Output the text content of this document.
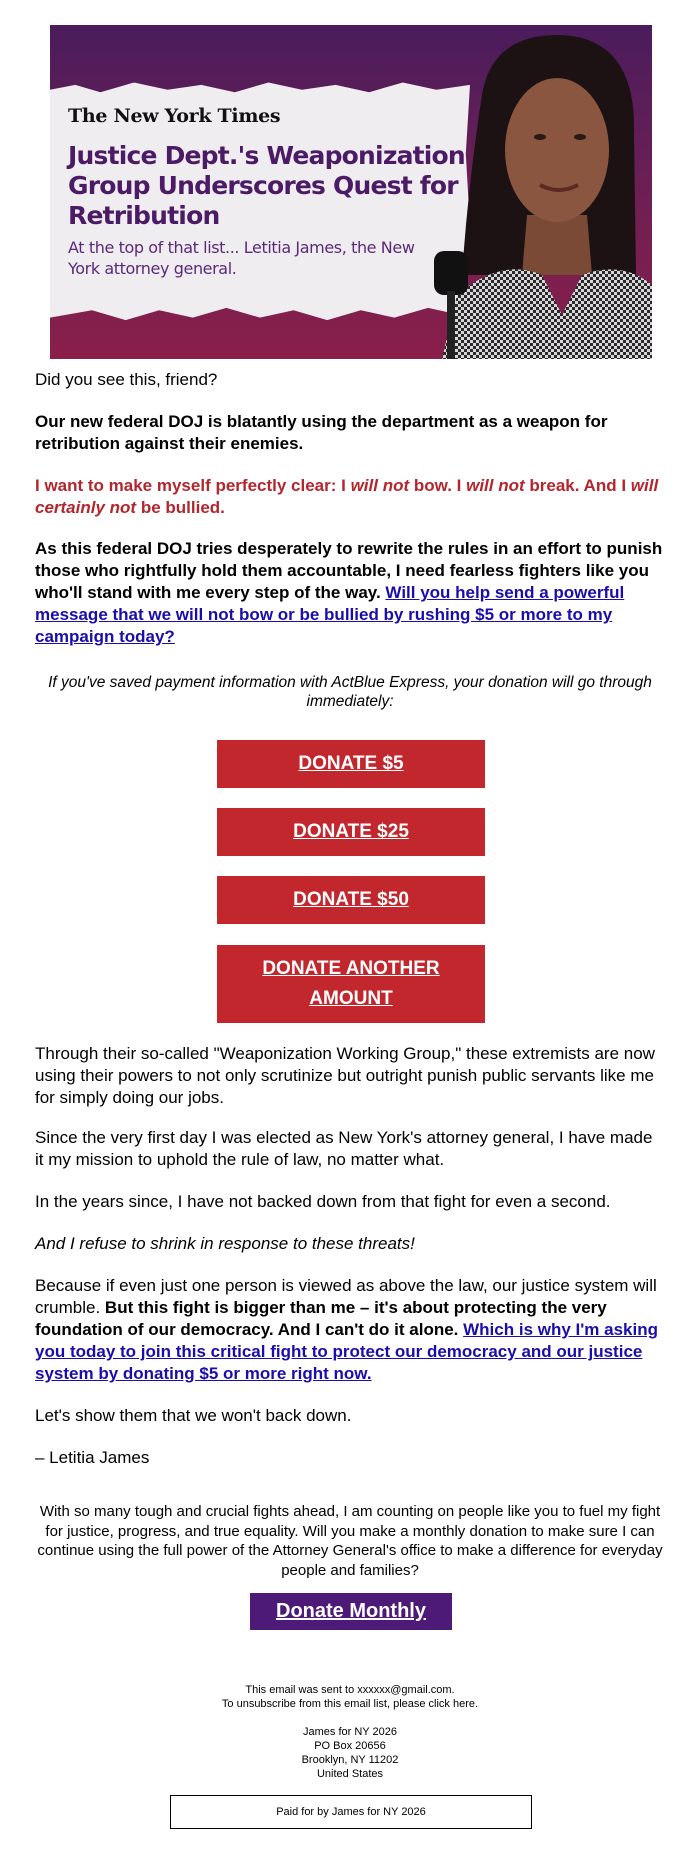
The New York Times
Justice Dept.'s Weaponization Group Underscores Quest for Retribution
At the top of that list... Letitia James, the New York attorney general.
Did you see this, friend?
Our new federal DOJ is blatantly using the department as a weapon for retribution against their enemies.
I want to make myself perfectly clear: I will not bow. I will not break. And I will certainly not be bullied.
As this federal DOJ tries desperately to rewrite the rules in an effort to punish those who rightfully hold them accountable, I need fearless fighters like you who'll stand with me every step of the way. Will you help send a powerful message that we will not bow or be bullied by rushing $5 or more to my campaign today?
If you've saved payment information with ActBlue Express, your donation will go through immediately:
DONATE $5
DONATE $25
DONATE $50
DONATE ANOTHER AMOUNT
Through their so-called "Weaponization Working Group," these extremists are now using their powers to not only scrutinize but outright punish public servants like me for simply doing our jobs.
Since the very first day I was elected as New York's attorney general, I have made it my mission to uphold the rule of law, no matter what.
In the years since, I have not backed down from that fight for even a second.
And I refuse to shrink in response to these threats!
Because if even just one person is viewed as above the law, our justice system will crumble. But this fight is bigger than me – it's about protecting the very foundation of our democracy. And I can't do it alone. Which is why I'm asking you today to join this critical fight to protect our democracy and our justice system by donating $5 or more right now.
Let's show them that we won't back down.
– Letitia James
With so many tough and crucial fights ahead, I am counting on people like you to fuel my fight for justice, progress, and true equality. Will you make a monthly donation to make sure I can continue using the full power of the Attorney General's office to make a difference for everyday people and families?
Donate Monthly
This email was sent to xxxxxx@gmail.com.
To unsubscribe from this email list, please click here.
James for NY 2026
PO Box 20656
Brooklyn, NY 11202
United States
Paid for by James for NY 2026
